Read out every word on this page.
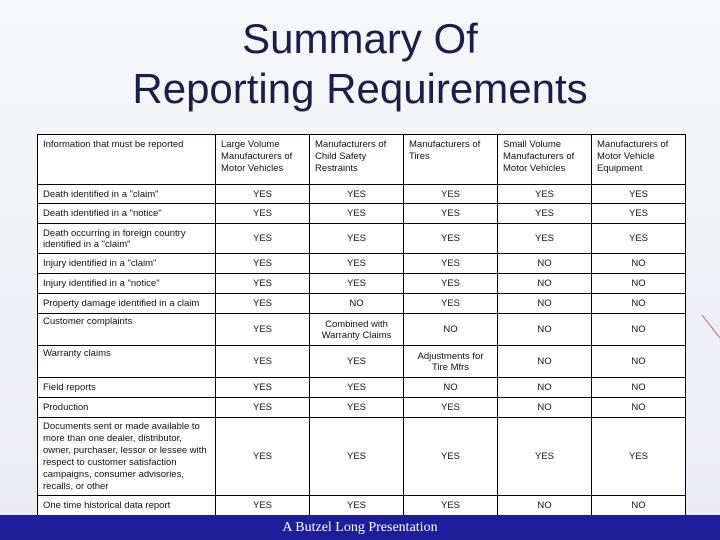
Summary Of
Reporting Requirements
Information that must be reported	Large Volume Manufacturers of Motor Vehicles	Manufacturers of Child Safety Restraints	Manufacturers of Tires	Small Volume Manufacturers of Motor Vehicles	Manufacturers of Motor Vehicle Equipment
Death identified in a "claim"	YES	YES	YES	YES	YES
Death identified in a "notice"	YES	YES	YES	YES	YES
Death occurring in foreign country identified in a "claim"	YES	YES	YES	YES	YES
Injury identified in a "claim"	YES	YES	YES	NO	NO
Injury identified in a "notice"	YES	YES	YES	NO	NO
Property damage identified in a claim	YES	NO	YES	NO	NO
Customer complaints	YES	Combined with Warranty Claims	NO	NO	NO
Warranty claims	YES	YES	Adjustments for Tire Mfrs	NO	NO
Field reports	YES	YES	NO	NO	NO
Production	YES	YES	YES	NO	NO
Documents sent or made available to more than one dealer, distributor, owner, purchaser, lessor or lessee with respect to customer satisfaction campaigns, consumer advisories, recalls, or other	YES	YES	YES	YES	YES
One time historical data report	YES	YES	YES	NO	NO
A Butzel Long Presentation
